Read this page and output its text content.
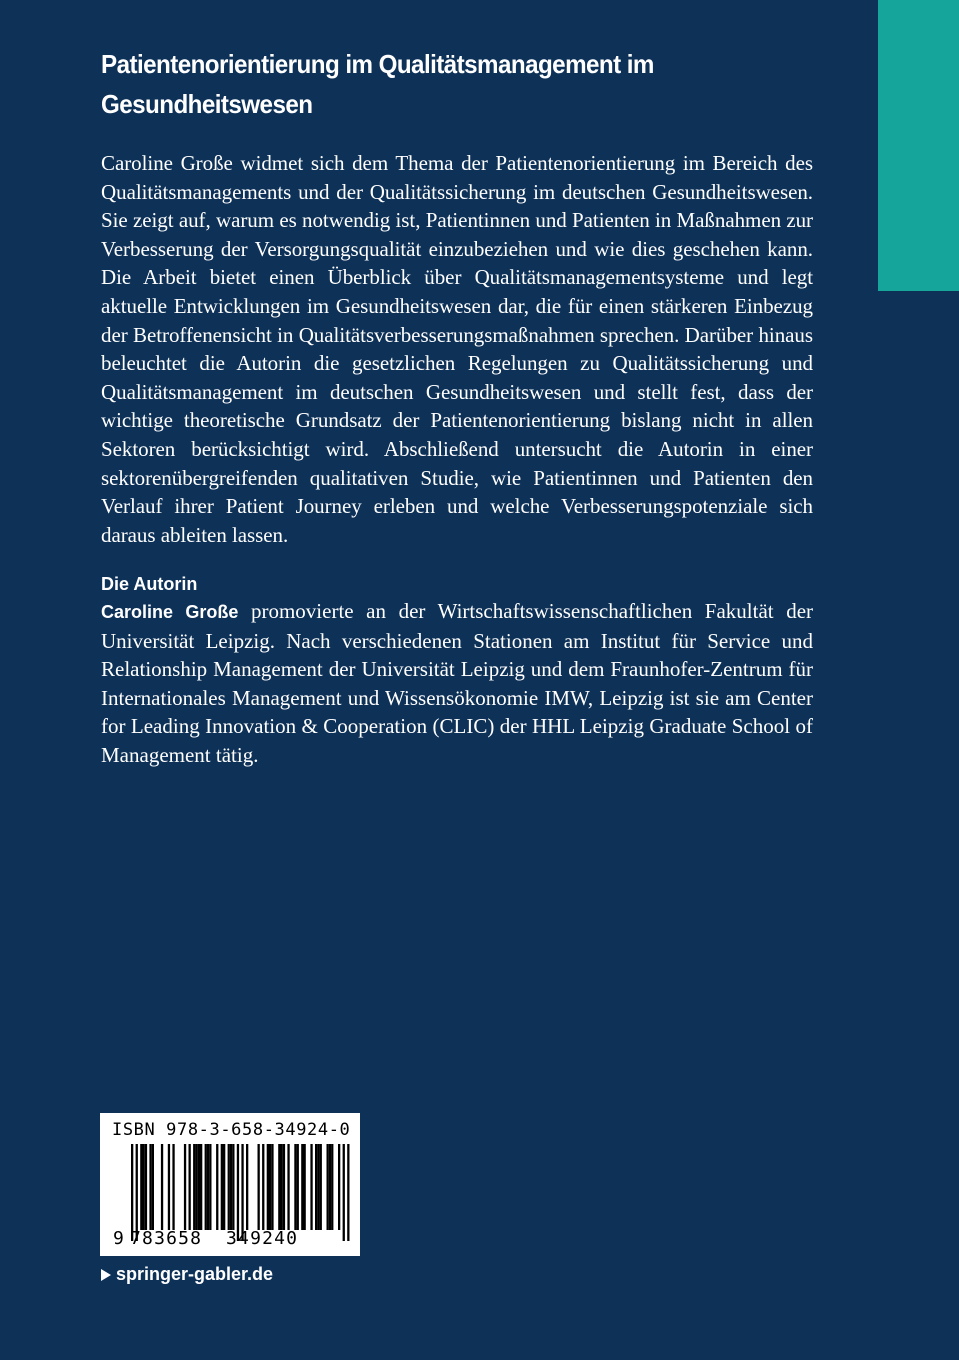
Patientenorientierung im Qualitätsmanagement im Gesundheitswesen

Caroline Große widmet sich dem Thema der Patientenorientierung im Bereich des Qualitätsmanagements und der Qualitätssicherung im deutschen Gesundheitswesen. Sie zeigt auf, warum es notwendig ist, Patientinnen und Patienten in Maßnahmen zur Verbesserung der Versorgungsqualität einzubeziehen und wie dies geschehen kann. Die Arbeit bietet einen Überblick über Qualitätsmanagementsysteme und legt aktuelle Entwicklungen im Gesundheitswesen dar, die für einen stärkeren Einbezug der Betroffenensicht in Qualitätsverbesserungsmaßnahmen sprechen. Darüber hinaus beleuchtet die Autorin die gesetzlichen Regelungen zu Qualitätssicherung und Qualitätsmanagement im deutschen Gesundheitswesen und stellt fest, dass der wichtige theoretische Grundsatz der Patientenorientierung bislang nicht in allen Sektoren berücksichtigt wird. Abschließend untersucht die Autorin in einer sektorenübergreifenden qualitativen Studie, wie Patientinnen und Patienten den Verlauf ihrer Patient Journey erleben und welche Verbesserungspotenziale sich daraus ableiten lassen.

Die Autorin

Caroline Große promovierte an der Wirtschaftswissenschaftlichen Fakultät der Universität Leipzig. Nach verschiedenen Stationen am Institut für Service und Relationship Management der Universität Leipzig und dem Fraunhofer-Zentrum für Internationales Management und Wissensökonomie IMW, Leipzig ist sie am Center for Leading Innovation & Cooperation (CLIC) der HHL Leipzig Graduate School of Management tätig.

ISBN 978-3-658-34924-0
9 783658 349240
springer-gabler.de
